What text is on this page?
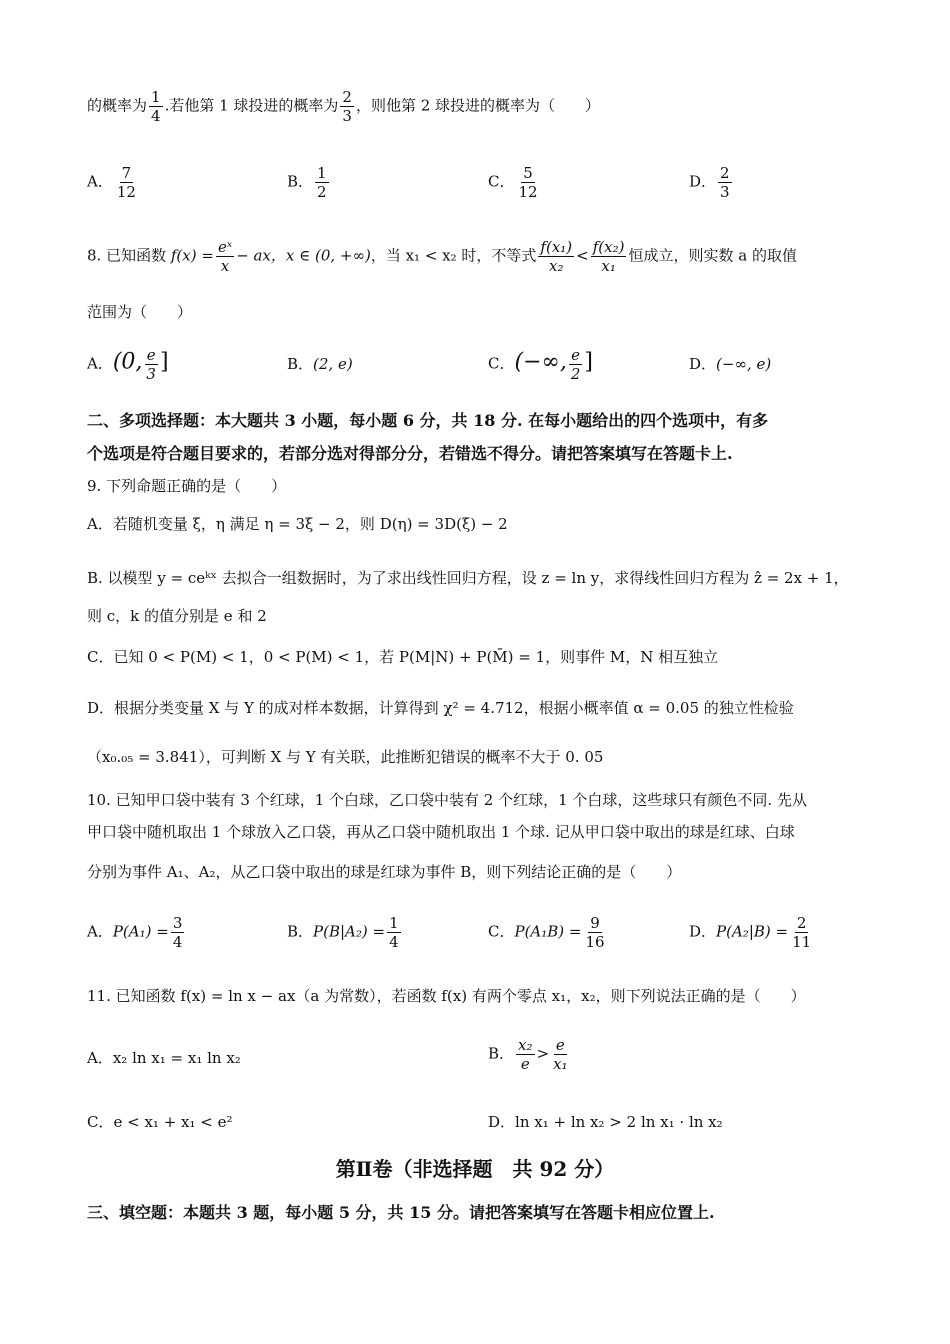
的概率为 $\frac{1}{4}$ .若他第 1 球投进的概率为 $\frac{2}{3}$ ，则他第 2 球投进的概率为（　　）
A． $\frac{7}{12}$	B． $\frac{1}{2}$	C． $\frac{5}{12}$	D． $\frac{2}{3}$
8. 已知函数 $f(x) = \frac{\text{eˣ}}{x}$ − ax，x ∈ (0, +∞)，当 x₁ < x₂ 时，不等式 $\frac{\text{f(x₁)}}{\text{x₂}} < \frac{\text{f(x₂)}}{\text{x₁}}$ 恒成立，则实数 a 的取值
范围为（　　）
A．(0, $\frac{e}{3}$ ]	B．(2, e)	C．(−∞, $\frac{e}{2}$ ]	D．(−∞, e)
二、多项选择题：本大题共 3 小题，每小题 6 分，共 18 分. 在每小题给出的四个选项中，有多
个选项是符合题目要求的，若部分选对得部分分，若错选不得分。请把答案填写在答题卡上.
9. 下列命题正确的是（　　）
A．若随机变量 ξ，η 满足 η = 3ξ − 2，则 D(η) = 3D(ξ) − 2
B. 以模型 y = ceᵏˣ 去拟合一组数据时，为了求出线性回归方程，设 z = ln y，求得线性回归方程为 ẑ = 2x + 1，
则 c，k 的值分别是 e 和 2
C．已知 0 < P(M) < 1，0 < P(M) < 1，若 P(M|N) + P(M̄) = 1，则事件 M，N 相互独立
D．根据分类变量 X 与 Y 的成对样本数据，计算得到 χ² = 4.712，根据小概率值 α = 0.05 的独立性检验
（x₀.₀₅ = 3.841），可判断 X 与 Y 有关联，此推断犯错误的概率不大于 0. 05
10. 已知甲口袋中装有 3 个红球，1 个白球，乙口袋中装有 2 个红球，1 个白球，这些球只有颜色不同. 先从
甲口袋中随机取出 1 个球放入乙口袋，再从乙口袋中随机取出 1 个球. 记从甲口袋中取出的球是红球、白球
分别为事件 A₁、A₂，从乙口袋中取出的球是红球为事件 B，则下列结论正确的是（　　）
A．$P(A_1) = \frac{3}{4}$	B．$P(B|A_2) = \frac{1}{4}$	C．$P(A_1B) = \frac{9}{16}$	D．$P(A_2|B) = \frac{2}{11}$
11. 已知函数 f(x) = ln x − ax（a 为常数），若函数 f(x) 有两个零点 x₁，x₂，则下列说法正确的是（　　）
A．x₂ ln x₁ = x₁ ln x₂	B． $\frac{\text{x₂}}{e} > \frac{e}{\text{x₁}}$
C．e < x₁ + x₁ < e²	D．ln x₁ + ln x₂ > 2 ln x₁ · ln x₂
第Ⅱ卷（非选择题　共 92 分）
三、填空题：本题共 3 题，每小题 5 分，共 15 分。请把答案填写在答题卡相应位置上.
